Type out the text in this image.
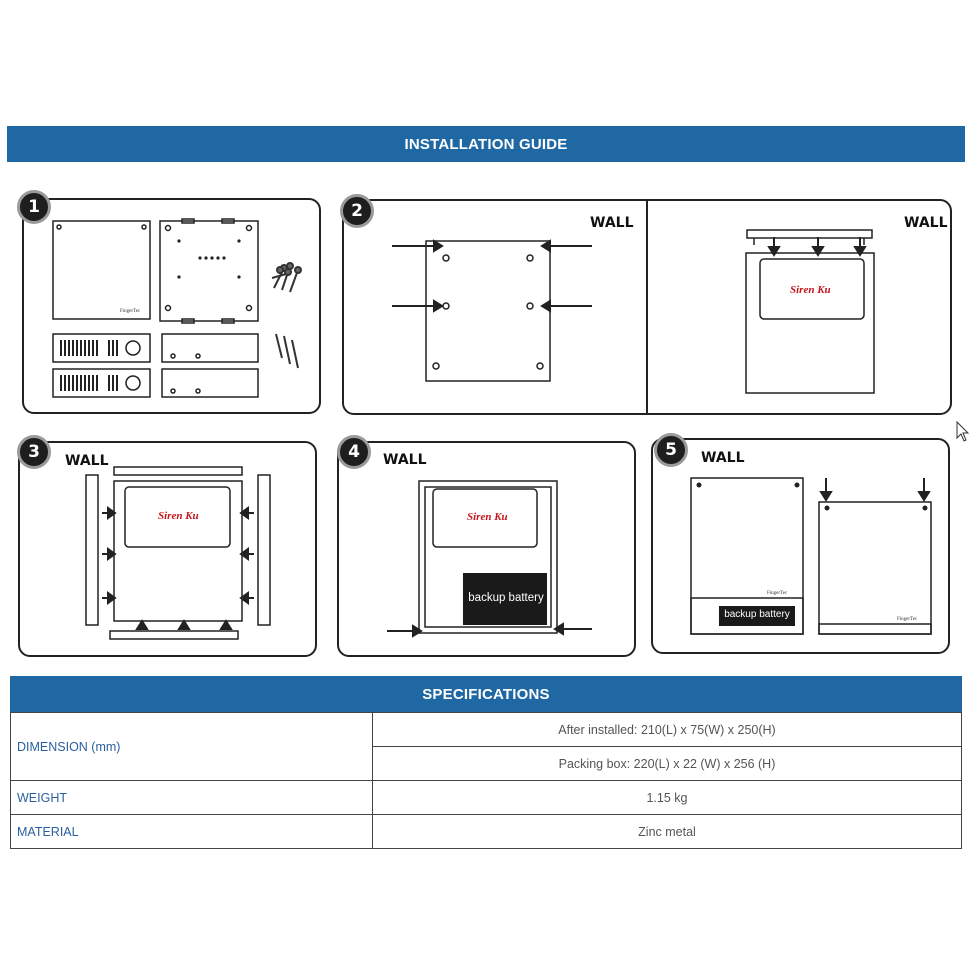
INSTALLATION GUIDE
1
FingerTec
2
WALL	WALL
Siren Ku
3 WALL
Siren Ku
4 WALL
Siren Ku
backup battery
5 WALL
FingerTec
FingerTec
backup battery
SPECIFICATIONS
DIMENSION (mm)	After installed: 210(L) x 75(W) x 250(H)
	Packing box: 220(L) x 22 (W) x 256 (H)
WEIGHT	1.15 kg
MATERIAL	Zinc metal
